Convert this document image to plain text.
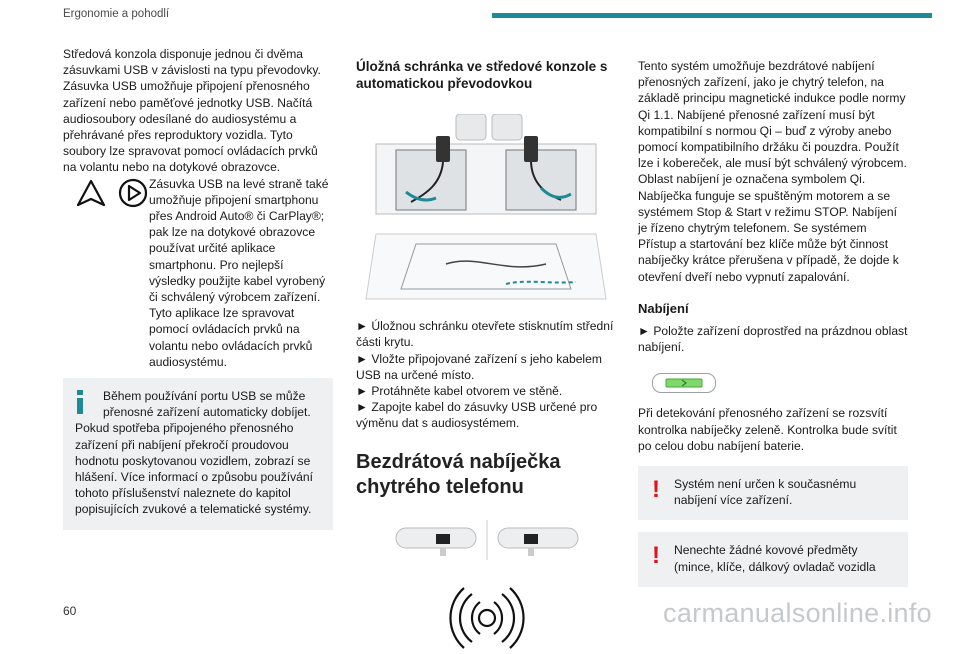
Ergonomie a pohodlí

Středová konzola disponuje jednou či dvěma zásuvkami USB v závislosti na typu převodovky. Zásuvka USB umožňuje připojení přenosného zařízení nebo paměťové jednotky USB. Načítá audiosoubory odesílané do audiosystému a přehrávané přes reproduktory vozidla. Tyto soubory lze spravovat pomocí ovládacích prvků na volantu nebo na dotykové obrazovce.

Zásuvka USB na levé straně také umožňuje připojení smartphonu přes Android Auto® či CarPlay®; pak lze na dotykové obrazovce používat určité aplikace smartphonu. Pro nejlepší výsledky použijte kabel vyrobený či schválený výrobcem zařízení. Tyto aplikace lze spravovat pomocí ovládacích prvků na volantu nebo ovládacích prvků audiosystému.

Během používání portu USB se může přenosné zařízení automaticky dobíjet.

Pokud spotřeba připojeného přenosného zařízení při nabíjení překročí proudovou hodnotu poskytovanou vozidlem, zobrazí se hlášení. Více informací o způsobu používání tohoto příslušenství naleznete do kapitol popisujících zvukové a telematické systémy.

Úložná schránka ve středové konzole s automatickou převodovkou

► Úložnou schránku otevřete stisknutím střední části krytu.

► Vložte připojované zařízení s jeho kabelem USB na určené místo.

► Protáhněte kabel otvorem ve stěně.

► Zapojte kabel do zásuvky USB určené pro výměnu dat s audiosystémem.

Bezdrátová nabíječka chytrého telefonu

Tento systém umožňuje bezdrátové nabíjení přenosných zařízení, jako je chytrý telefon, na základě principu magnetické indukce podle normy Qi 1.1. Nabíjené přenosné zařízení musí být kompatibilní s normou Qi – buď z výroby anebo pomocí kompatibilního držáku či pouzdra. Použít lze i kobereček, ale musí být schválený výrobcem. Oblast nabíjení je označena symbolem Qi. Nabíječka funguje se spuštěným motorem a se systémem Stop & Start v režimu STOP. Nabíjení je řízeno chytrým telefonem. Se systémem Přístup a startování bez klíče může být činnost nabíječky krátce přerušena v případě, že dojde k otevření dveří nebo vypnutí zapalování.

Nabíjení

► Položte zařízení doprostřed na prázdnou oblast nabíjení.

Při detekování přenosného zařízení se rozsvítí kontrolka nabíječky zeleně. Kontrolka bude svítit po celou dobu nabíjení baterie.

! Systém není určen k současnému nabíjení více zařízení.

! Nenechte žádné kovové předměty (mince, klíče, dálkový ovladač vozidla

60	carmanualsonline.info
